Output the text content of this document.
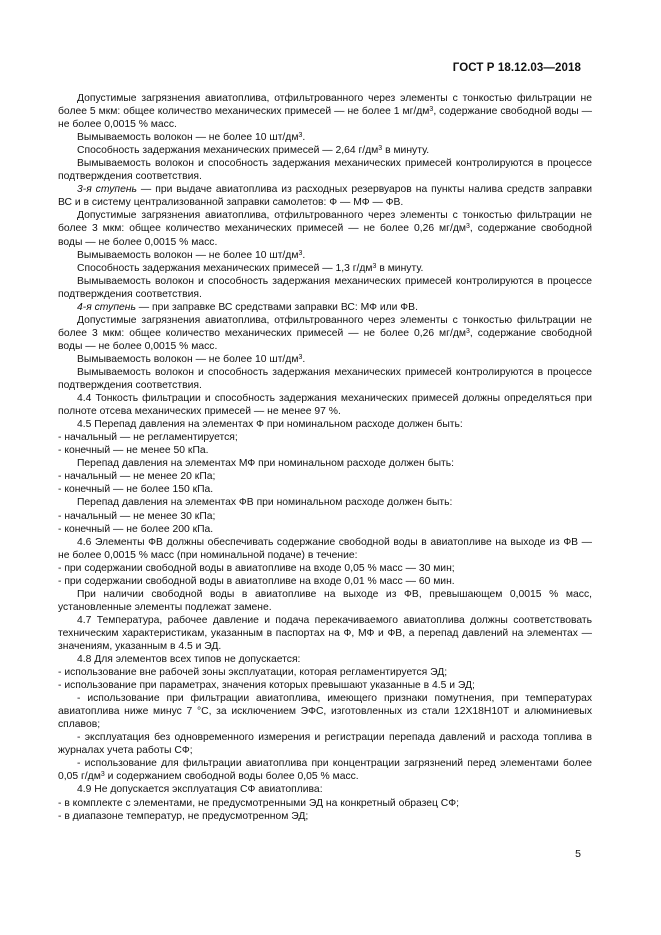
ГОСТ Р 18.12.03—2018

Допустимые загрязнения авиатоплива, отфильтрованного через элементы с тонкостью фильтрации не более 5 мкм: общее количество механических примесей — не более 1 $мг/дм^3$, содержание свободной воды — не более 0,0015 % масс.

Вымываемость волокон — не более 10 $шт/дм^3$.

Способность задержания механических примесей — 2,64 $г/дм^3$ в минуту.

Вымываемость волокон и способность задержания механических примесей контролируются в процессе подтверждения соответствия.

3-я ступень — при выдаче авиатоплива из расходных резервуаров на пункты налива средств заправки ВС и в систему централизованной заправки самолетов: Ф — МФ — ФВ.

Допустимые загрязнения авиатоплива, отфильтрованного через элементы с тонкостью фильтрации не более 3 мкм: общее количество механических примесей — не более 0,26 $мг/дм^3$, содержание свободной воды — не более 0,0015 % масс.

Вымываемость волокон — не более 10 $шт/дм^3$.

Способность задержания механических примесей — 1,3 $г/дм^3$ в минуту.

Вымываемость волокон и способность задержания механических примесей контролируются в процессе подтверждения соответствия.

4-я ступень — при заправке ВС средствами заправки ВС: МФ или ФВ.

Допустимые загрязнения авиатоплива, отфильтрованного через элементы с тонкостью фильтрации не более 3 мкм: общее количество механических примесей — не более 0,26 $мг/дм^3$, содержание свободной воды — не более 0,0015 % масс.

Вымываемость волокон — не более 10 $шт/дм^3$.

Вымываемость волокон и способность задержания механических примесей контролируются в процессе подтверждения соответствия.

4.4 Тонкость фильтрации и способность задержания механических примесей должны определяться при полноте отсева механических примесей — не менее 97 %.

4.5 Перепад давления на элементах Ф при номинальном расходе должен быть:

- начальный — не регламентируется;

- конечный — не менее 50 кПа.

Перепад давления на элементах МФ при номинальном расходе должен быть:

- начальный — не менее 20 кПа;

- конечный — не более 150 кПа.

Перепад давления на элементах ФВ при номинальном расходе должен быть:

- начальный — не менее 30 кПа;

- конечный — не более 200 кПа.

4.6 Элементы ФВ должны обеспечивать содержание свободной воды в авиатопливе на выходе из ФВ — не более 0,0015 % масс (при номинальной подаче) в течение:

- при содержании свободной воды в авиатопливе на входе 0,05 % масс — 30 мин;

- при содержании свободной воды в авиатопливе на входе 0,01 % масс — 60 мин.

При наличии свободной воды в авиатопливе на выходе из ФВ, превышающем 0,0015 % масс, установленные элементы подлежат замене.

4.7 Температура, рабочее давление и подача перекачиваемого авиатоплива должны соответствовать техническим характеристикам, указанным в паспортах на Ф, МФ и ФВ, а перепад давлений на элементах — значениям, указанным в 4.5 и ЭД.

4.8 Для элементов всех типов не допускается:

- использование вне рабочей зоны эксплуатации, которая регламентируется ЭД;

- использование при параметрах, значения которых превышают указанные в 4.5 и ЭД;

- использование при фильтрации авиатоплива, имеющего признаки помутнения, при температурах авиатоплива ниже минус 7 °С, за исключением ЭФС, изготовленных из стали 12Х18Н10Т и алюминиевых сплавов;

- эксплуатация без одновременного измерения и регистрации перепада давлений и расхода топлива в журналах учета работы СФ;

- использование для фильтрации авиатоплива при концентрации загрязнений перед элементами более 0,05 $г/дм^3$ и содержанием свободной воды более 0,05 % масс.

4.9 Не допускается эксплуатация СФ авиатоплива:

- в комплекте с элементами, не предусмотренными ЭД на конкретный образец СФ;

- в диапазоне температур, не предусмотренном ЭД;

5
